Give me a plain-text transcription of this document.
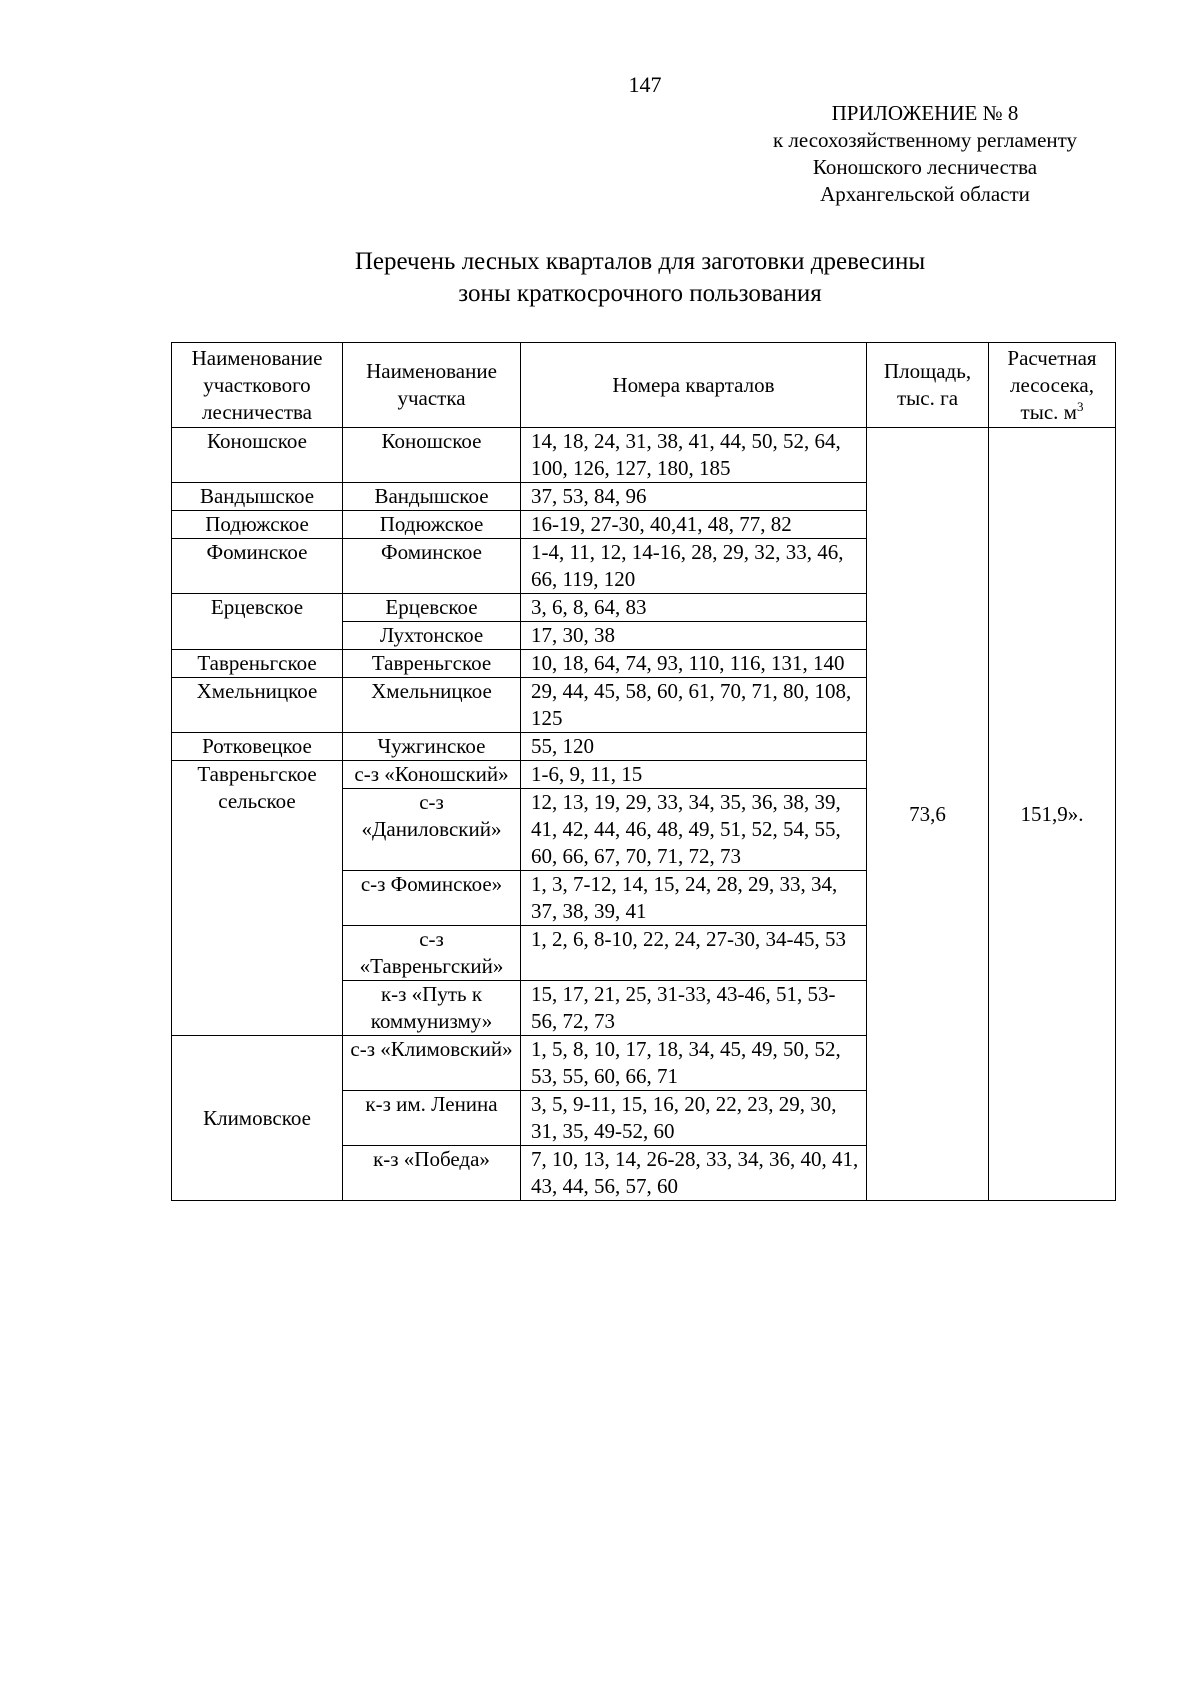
147
ПРИЛОЖЕНИЕ № 8
к лесохозяйственному регламенту
Коношского лесничества
Архангельской области
Перечень лесных кварталов для заготовки древесины
зоны краткосрочного пользования
Наименование участкового лесничества	Наименование участка	Номера кварталов	Площадь, тыс. га	Расчетная лесосека, тыс. $м^3$
Коношское	Коношское	14, 18, 24, 31, 38, 41, 44, 50, 52, 64, 100, 126, 127, 180, 185	73,6	151,9».
Вандышское	Вандышское	37, 53, 84, 96		
Подюжское	Подюжское	16-19, 27-30, 40,41, 48, 77, 82		
Фоминское	Фоминское	1-4, 11, 12, 14-16, 28, 29, 32, 33, 46, 66, 119, 120		
Ерцевское	Ерцевское	3, 6, 8, 64, 83		
	Лухтонское	17, 30, 38		
Тавреньгское	Тавреньгское	10, 18, 64, 74, 93, 110, 116, 131, 140		
Хмельницкое	Хмельницкое	29, 44, 45, 58, 60, 61, 70, 71, 80, 108, 125		
Ротковецкое	Чужгинское	55, 120		
Тавреньгское сельское	с-з «Коношский»	1-6, 9, 11, 15		
	с-з «Даниловский»	12, 13, 19, 29, 33, 34, 35, 36, 38, 39, 41, 42, 44, 46, 48, 49, 51, 52, 54, 55, 60, 66, 67, 70, 71, 72, 73		
	с-з Фоминское»	1, 3, 7-12, 14, 15, 24, 28, 29, 33, 34, 37, 38, 39, 41		
	с-з «Тавреньгский»	1, 2, 6, 8-10, 22, 24, 27-30, 34-45, 53		
	к-з «Путь к коммунизму»	15, 17, 21, 25, 31-33, 43-46, 51, 53-56, 72, 73		
Климовское	с-з «Климовский»	1, 5, 8, 10, 17, 18, 34, 45, 49, 50, 52, 53, 55, 60, 66, 71		
	к-з им. Ленина	3, 5, 9-11, 15, 16, 20, 22, 23, 29, 30, 31, 35, 49-52, 60		
	к-з «Победа»	7, 10, 13, 14, 26-28, 33, 34, 36, 40, 41, 43, 44, 56, 57, 60		
